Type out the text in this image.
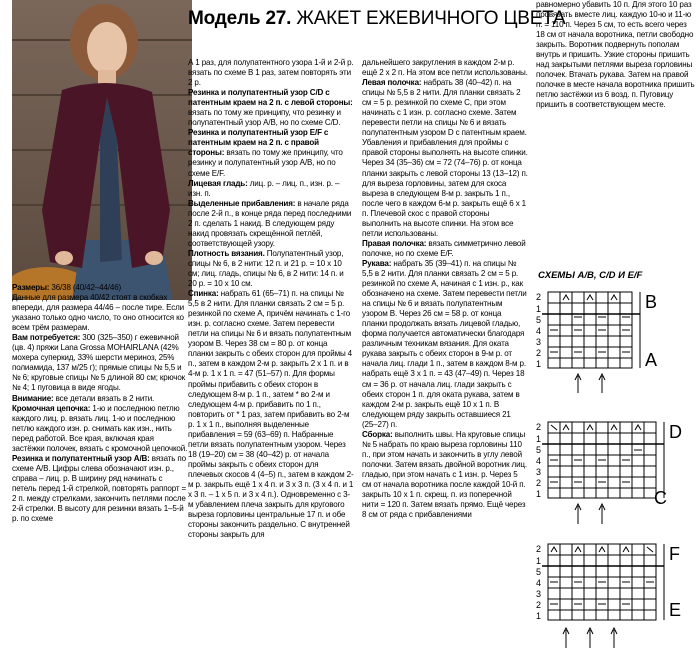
Модель 27. ЖАКЕТ ЕЖЕВИЧНОГО ЦВЕТА

Размеры: 36/38 (40/42–44/46)

Данные для размера 40/42 стоят в скобках впереди, для размера 44/46 – после тире. Если указано только одно число, то оно относится ко всем трём размерам.

Вам потребуется: 300 (325–350) г ежевичной (цв. 4) пряжи Lana Grossa MOHAIRLANA (42% мохера суперкид, 33% шерсти мериноз, 25% полиамида, 137 м/25 г); прямые спицы № 5,5 и № 6; круговые спицы № 5 длиной 80 см; крючок № 4; 1 пуговица в виде ягоды.

Внимание: все детали вязать в 2 нити.

Кромочная цепочка: 1-ю и последнюю петлю каждого лиц. р. вязать лиц. 1-ю и последнюю петлю каждого изн. р. снимать как изн., нить перед работой. Все края, включая края застёжки полочек, вязать с кромочной цепочкой.

Резинка и полупатентный узор А/В: вязать по схеме А/В. Цифры слева обозначают изн. р., справа – лиц. р. В ширину ряд начинать с петель перед 1-й стрелкой, повторять раппорт = 2 п. между стрелками, закончить петлями после 2-й стрелки. В высоту для резинки вязать 1–5-й р. по схеме

А 1 раз, для полупатентного узора 1-й и 2-й р. вязать по схеме В 1 раз, затем повторять эти 2 р.

Резинка и полупатентный узор C/D с патентным краем на 2 п. с левой стороны: вязать по тому же принципу, что резинку и полупатентный узор А/В, но по схеме C/D.

Резинка и полупатентный узор E/F с патентным краем на 2 п. с правой стороны: вязать по тому же принципу, что резинку и полупатентный узор А/В, но по схеме E/F.

Лицевая гладь: лиц. р. – лиц. п., изн. р. – изн. п.

Выделенные прибавления: в начале ряда после 2-й п., в конце ряда перед последними 2 п. сделать 1 накид. В следующем ряду накид провязать скрещённой петлёй, соответствующей узору.

Плотность вязания. Полупатентный узор, спицы № 6, в 2 нити: 12 п. и 21 р. = 10 х 10 см; лиц. гладь, спицы № 6, в 2 нити: 14 п. и 20 р. = 10 х 10 см.

Спинка: набрать 61 (65–71) п. на спицы № 5,5 в 2 нити. Для планки связать 2 см = 5 р. резинкой по схеме А, причём начинать с 1-го изн. р. согласно схеме. Затем перевести петли на спицы № 6 и вязать полупатентным узором В. Через 38 см = 80 р. от конца планки закрыть с обеих сторон для проймы 4 п., затем в каждом 2-м р. закрыть 2 х 1 п. и в 4-м р. 1 х 1 п. = 47 (51–57) п. Для формы проймы прибавить с обеих сторон в следующем 8-м р. 1 п., затем * во 2-м и следующем 4-м р. прибавить по 1 п., повторить от * 1 раз, затем прибавить во 2-м р. 1 х 1 п., выполняя выделенные прибавления = 59 (63–69) п. Набранные петли вязать полупатентным узором. Через 18 (19–20) см = 38 (40–42) р. от начала проймы закрыть с обеих сторон для плечевых скосов 4 (4–5) п., затем в каждом 2-м р. закрыть ещё 1 х 4 п. и 3 х 3 п. (3 х 4 п. и 1 х 3 п. – 1 х 5 п. и 3 х 4 п.). Одновременно с 3-м убавлением плеча закрыть для кругового выреза горловины центральные 17 п. и обе стороны закончить раздельно. С внутренней стороны закрыть для

дальнейшего закругления в каждом 2-м р. ещё 2 х 2 п. На этом все петли использованы.

Левая полочка: набрать 38 (40–42) п. на спицы № 5,5 в 2 нити. Для планки связать 2 см = 5 р. резинкой по схеме С, при этом начинать с 1 изн. р. согласно схеме. Затем перевести петли на спицы № 6 и вязать полупатентным узором D с патентным краем. Убавления и прибавления для проймы с правой стороны выполнять на высоте спинки. Через 34 (35–36) см = 72 (74–76) р. от конца планки закрыть с левой стороны 13 (13–12) п. для выреза горловины, затем для скоса выреза в следующем 8-м р. закрыть 1 п., после чего в каждом 6-м р. закрыть ещё 6 х 1 п. Плечевой скос с правой стороны выполнить на высоте спинки. На этом все петли использованы.

Правая полочка: вязать симметрично левой полочке, но по схеме E/F.

Рукава: набрать 35 (39–41) п. на спицы № 5,5 в 2 нити. Для планки связать 2 см = 5 р. резинкой по схеме А, начиная с 1 изн. р., как обозначено на схеме. Затем перевести петли на спицы № 6 и вязать полупатентным узором В. Через 26 см = 58 р. от конца планки продолжать вязать лицевой гладью, форма получается автоматически благодаря различным техникам вязания. Для оката рукава закрыть с обеих сторон в 9-м р. от начала лиц. глади 1 п., затем в каждом 8-м р. набрать ещё 3 х 1 п. = 43 (47–49) п. Через 18 см = 36 р. от начала лиц. глади закрыть с обеих сторон 1 п. для оката рукава, затем в каждом 2-м р. закрыть ещё 10 х 1 п. В следующем ряду закрыть оставшиеся 21 (25–27) п.

Сборка: выполнить швы. На круговые спицы № 5 набрать по краю выреза горловины 110 п., при этом начать и закончить в углу левой полочки. Затем вязать двойной воротник лиц. гладью, при этом начать с 1 изн. р. Через 5 см от начала воротника после каждой 10-й п. закрыть 10 х 1 п. скрещ. п. из поперечной нити = 120 п. Затем вязать прямо. Ещё через 8 см от ряда с прибавлениями

равномерно убавить 10 п. Для этого 10 раз провязать вместе лиц. каждую 10-ю и 11-ю п. = 110 п. Через 5 см, то есть всего через 18 см от начала воротника, петли свободно закрыть. Воротник подвернуть пополам внутрь и пришить. Узкие стороны пришить над закрытыми петлями выреза горловины полочек. Втачать рукава. Затем на правой полочке в месте начала воротника пришить петлю застёжки из 6 возд. п. Пуговицу пришить в соответствующем месте.

СХЕМЫ А/В, C/D И E/F
2
1
5
4
3
2
1
B
A
2
1
5
4
3
2
1
D
C
2
1
5
4
3
2
1
F
E
